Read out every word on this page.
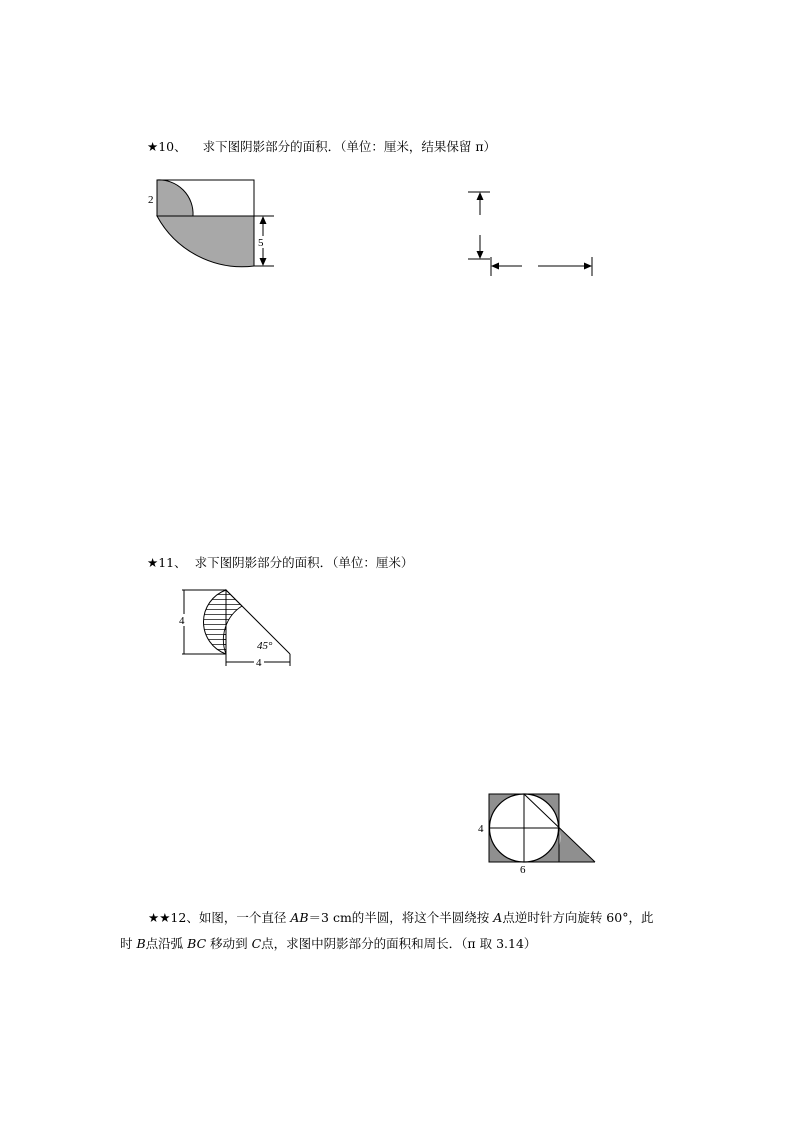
★10、 求下图阴影部分的面积．（单位：厘米，结果保留 π）
2
5
★11、 求下图阴影部分的面积．（单位：厘米）
4
45°
4
4
6
★★12、如图，一个直径 AB＝3 cm的半圆，将这个半圆绕按 A点逆时针方向旋转 60°，此
时 B点沿弧 BC 移动到 C点，求图中阴影部分的面积和周长．（π 取 3.14）
